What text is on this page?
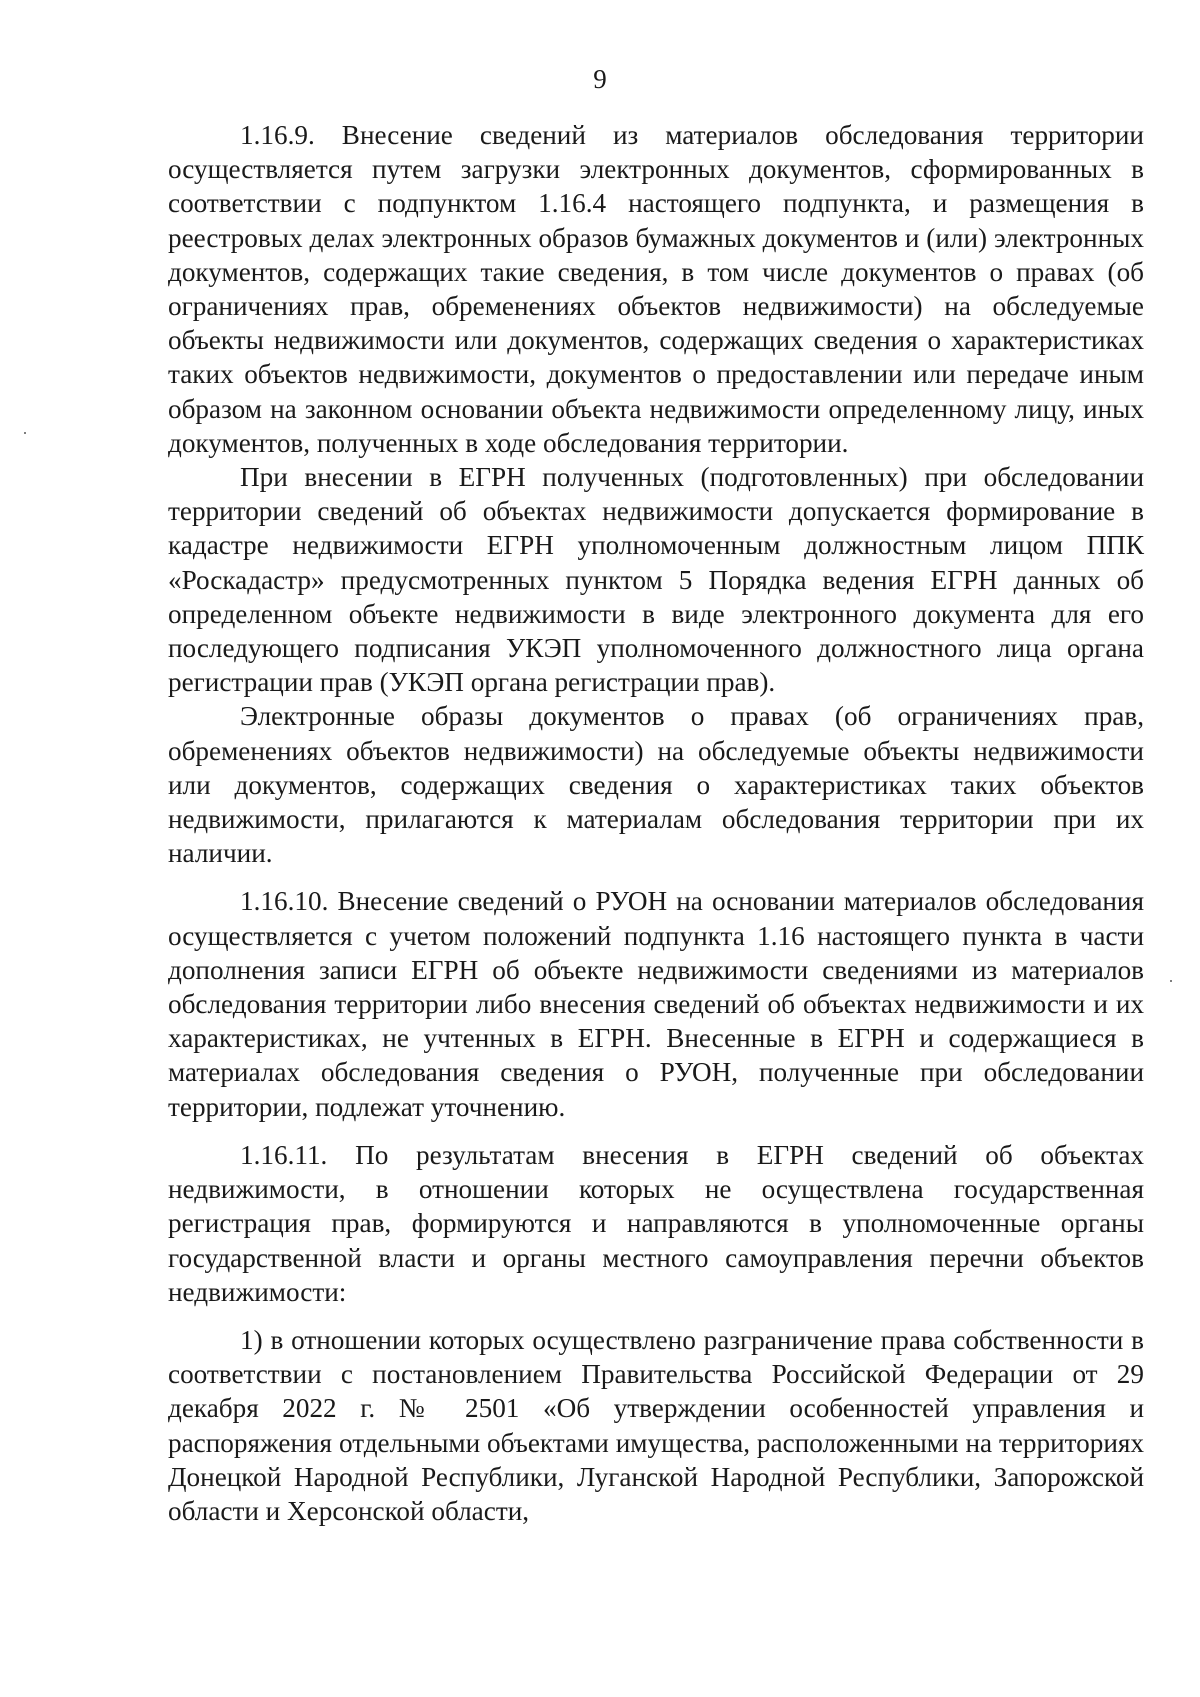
9

1.16.9. Внесение сведений из материалов обследования территории осуществляется путем загрузки электронных документов, сформированных в соответствии с подпунктом 1.16.4 настоящего подпункта, и размещения в реестровых делах электронных образов бумажных документов и (или) электронных документов, содержащих такие сведения, в том числе документов о правах (об ограничениях прав, обременениях объектов недвижимости) на обследуемые объекты недвижимости или документов, содержащих сведения о характеристиках таких объектов недвижимости, документов о предоставлении или передаче иным образом на законном основании объекта недвижимости определенному лицу, иных документов, полученных в ходе обследования территории.

При внесении в ЕГРН полученных (подготовленных) при обследовании территории сведений об объектах недвижимости допускается формирование в кадастре недвижимости ЕГРН уполномоченным должностным лицом ППК «Роскадастр» предусмотренных пунктом 5 Порядка ведения ЕГРН данных об определенном объекте недвижимости в виде электронного документа для его последующего подписания УКЭП уполномоченного должностного лица органа регистрации прав (УКЭП органа регистрации прав).

Электронные образы документов о правах (об ограничениях прав, обременениях объектов недвижимости) на обследуемые объекты недвижимости или документов, содержащих сведения о характеристиках таких объектов недвижимости, прилагаются к материалам обследования территории при их наличии.

1.16.10. Внесение сведений о РУОН на основании материалов обследования осуществляется с учетом положений подпункта 1.16 настоящего пункта в части дополнения записи ЕГРН об объекте недвижимости сведениями из материалов обследования территории либо внесения сведений об объектах недвижимости и их характеристиках, не учтенных в ЕГРН. Внесенные в ЕГРН и содержащиеся в материалах обследования сведения о РУОН, полученные при обследовании территории, подлежат уточнению.

1.16.11. По результатам внесения в ЕГРН сведений об объектах недвижимости, в отношении которых не осуществлена государственная регистрация прав, формируются и направляются в уполномоченные органы государственной власти и органы местного самоуправления перечни объектов недвижимости:

1) в отношении которых осуществлено разграничение права собственности в соответствии с постановлением Правительства Российской Федерации от 29 декабря 2022 г. № 2501 «Об утверждении особенностей управления и распоряжения отдельными объектами имущества, расположенными на территориях Донецкой Народной Республики, Луганской Народной Республики, Запорожской области и Херсонской области,
